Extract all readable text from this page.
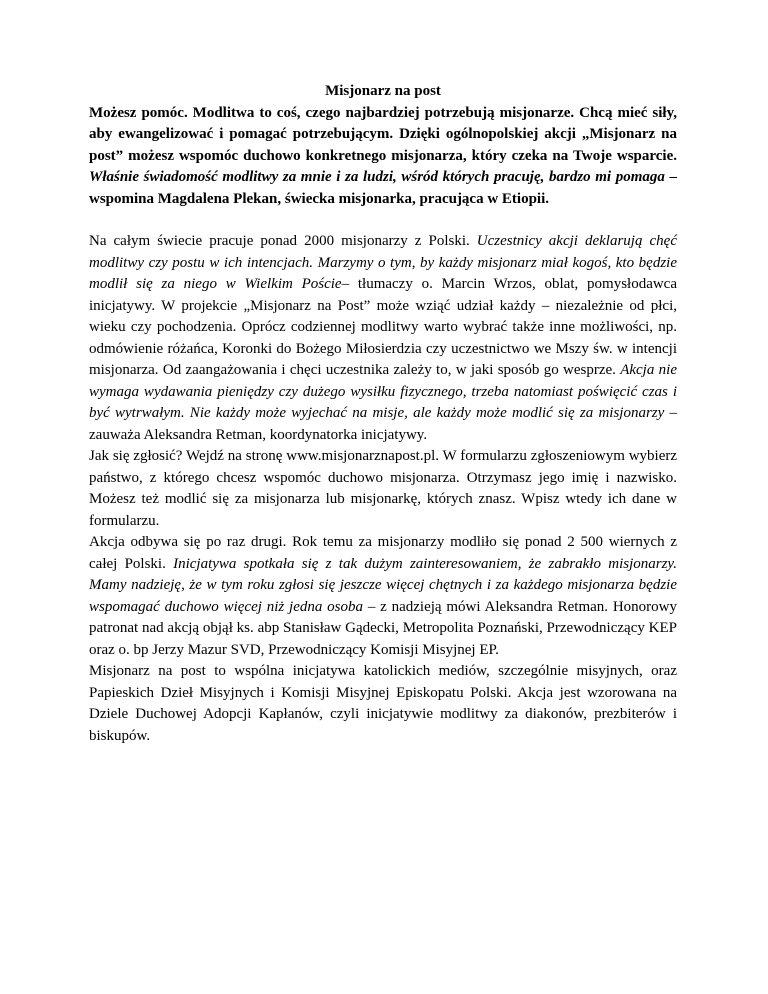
Misjonarz na post

Możesz pomóc. Modlitwa to coś, czego najbardziej potrzebują misjonarze. Chcą mieć siły, aby ewangelizować i pomagać potrzebującym. Dzięki ogólnopolskiej akcji „Misjonarz na post” możesz wspomóc duchowo konkretnego misjonarza, który czeka na Twoje wsparcie. Właśnie świadomość modlitwy za mnie i za ludzi, wśród których pracuję, bardzo mi pomaga – wspomina Magdalena Plekan, świecka misjonarka, pracująca w Etiopii.

Na całym świecie pracuje ponad 2000 misjonarzy z Polski. Uczestnicy akcji deklarują chęć modlitwy czy postu w ich intencjach. Marzymy o tym, by każdy misjonarz miał kogoś, kto będzie modlił się za niego w Wielkim Poście– tłumaczy o. Marcin Wrzos, oblat, pomysłodawca inicjatywy. W projekcie „Misjonarz na Post” może wziąć udział każdy – niezależnie od płci, wieku czy pochodzenia. Oprócz codziennej modlitwy warto wybrać także inne możliwości, np. odmówienie różańca, Koronki do Bożego Miłosierdzia czy uczestnictwo we Mszy św. w intencji misjonarza. Od zaangażowania i chęci uczestnika zależy to, w jaki sposób go wesprze. Akcja nie wymaga wydawania pieniędzy czy dużego wysiłku fizycznego, trzeba natomiast poświęcić czas i być wytrwałym. Nie każdy może wyjechać na misje, ale każdy może modlić się za misjonarzy – zauważa Aleksandra Retman, koordynatorka inicjatywy.

Jak się zgłosić? Wejdź na stronę www.misjonarznapost.pl. W formularzu zgłoszeniowym wybierz państwo, z którego chcesz wspomóc duchowo misjonarza. Otrzymasz jego imię i nazwisko. Możesz też modlić się za misjonarza lub misjonarkę, których znasz. Wpisz wtedy ich dane w formularzu.

Akcja odbywa się po raz drugi. Rok temu za misjonarzy modliło się ponad 2 500 wiernych z całej Polski. Inicjatywa spotkała się z tak dużym zainteresowaniem, że zabrakło misjonarzy. Mamy nadzieję, że w tym roku zgłosi się jeszcze więcej chętnych i za każdego misjonarza będzie wspomagać duchowo więcej niż jedna osoba – z nadzieją mówi Aleksandra Retman. Honorowy patronat nad akcją objął ks. abp Stanisław Gądecki, Metropolita Poznański, Przewodniczący KEP oraz o. bp Jerzy Mazur SVD, Przewodniczący Komisji Misyjnej EP.

Misjonarz na post to wspólna inicjatywa katolickich mediów, szczególnie misyjnych, oraz Papieskich Dzieł Misyjnych i Komisji Misyjnej Episkopatu Polski. Akcja jest wzorowana na Dziele Duchowej Adopcji Kapłanów, czyli inicjatywie modlitwy za diakonów, prezbiterów i biskupów.
